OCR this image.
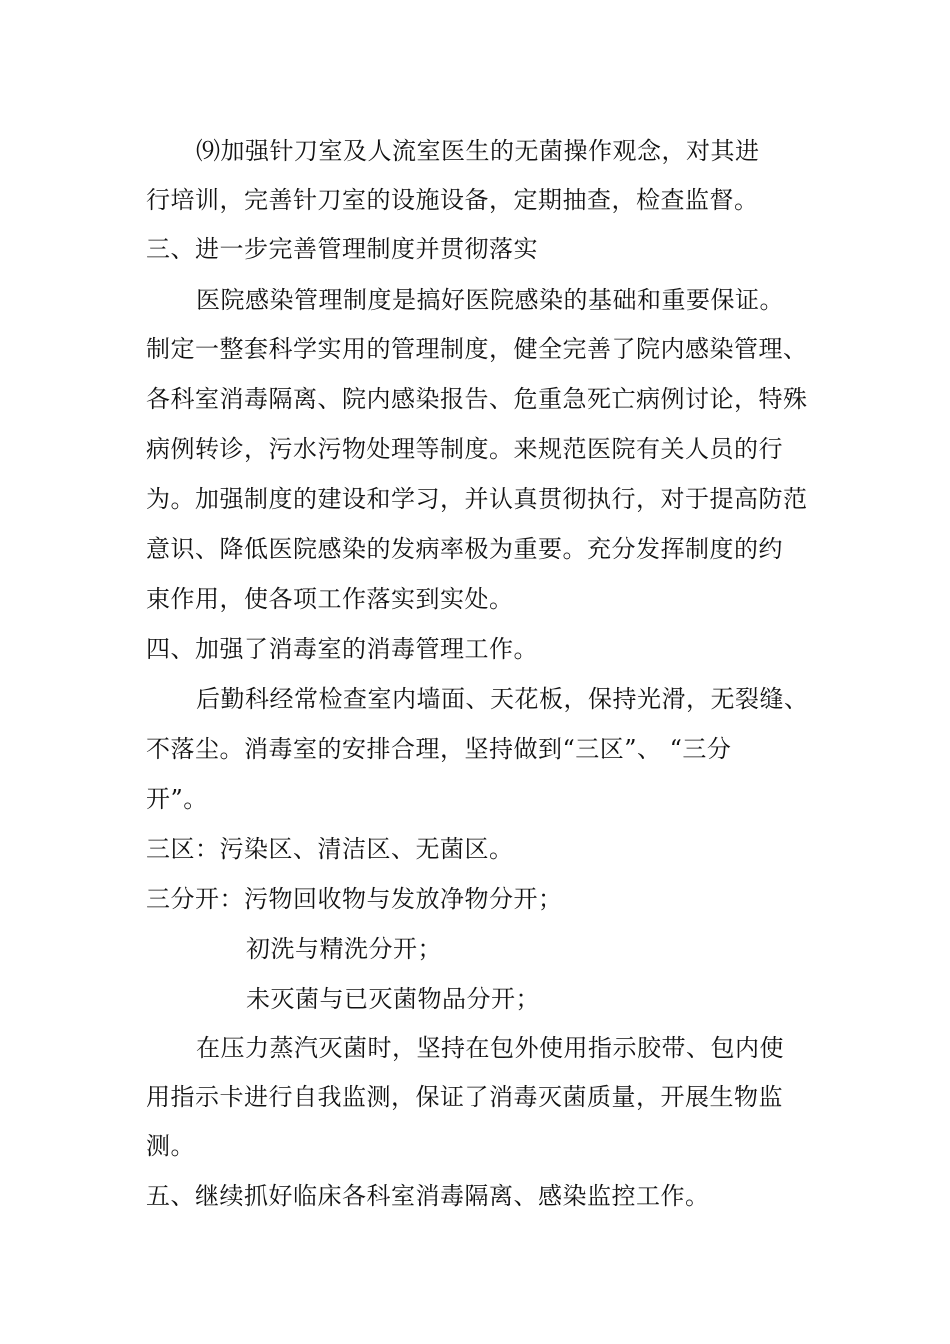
⑼加强针刀室及人流室医生的无菌操作观念，对其进
行培训，完善针刀室的设施设备，定期抽查，检查监督。
三、进一步完善管理制度并贯彻落实
医院感染管理制度是搞好医院感染的基础和重要保证。
制定一整套科学实用的管理制度，健全完善了院内感染管理、
各科室消毒隔离、院内感染报告、危重急死亡病例讨论，特殊
病例转诊，污水污物处理等制度。来规范医院有关人员的行
为。加强制度的建设和学习，并认真贯彻执行，对于提高防范
意识、降低医院感染的发病率极为重要。充分发挥制度的约
束作用，使各项工作落实到实处。
四、加强了消毒室的消毒管理工作。
后勤科经常检查室内墙面、天花板，保持光滑，无裂缝、
不落尘。消毒室的安排合理，坚持做到“三区”、 “三分
开”。
三区：污染区、清洁区、无菌区。
三分开：污物回收物与发放净物分开；
初洗与精洗分开；
未灭菌与已灭菌物品分开；
在压力蒸汽灭菌时，坚持在包外使用指示胶带、包内使
用指示卡进行自我监测，保证了消毒灭菌质量，开展生物监
测。
五、继续抓好临床各科室消毒隔离、感染监控工作。
